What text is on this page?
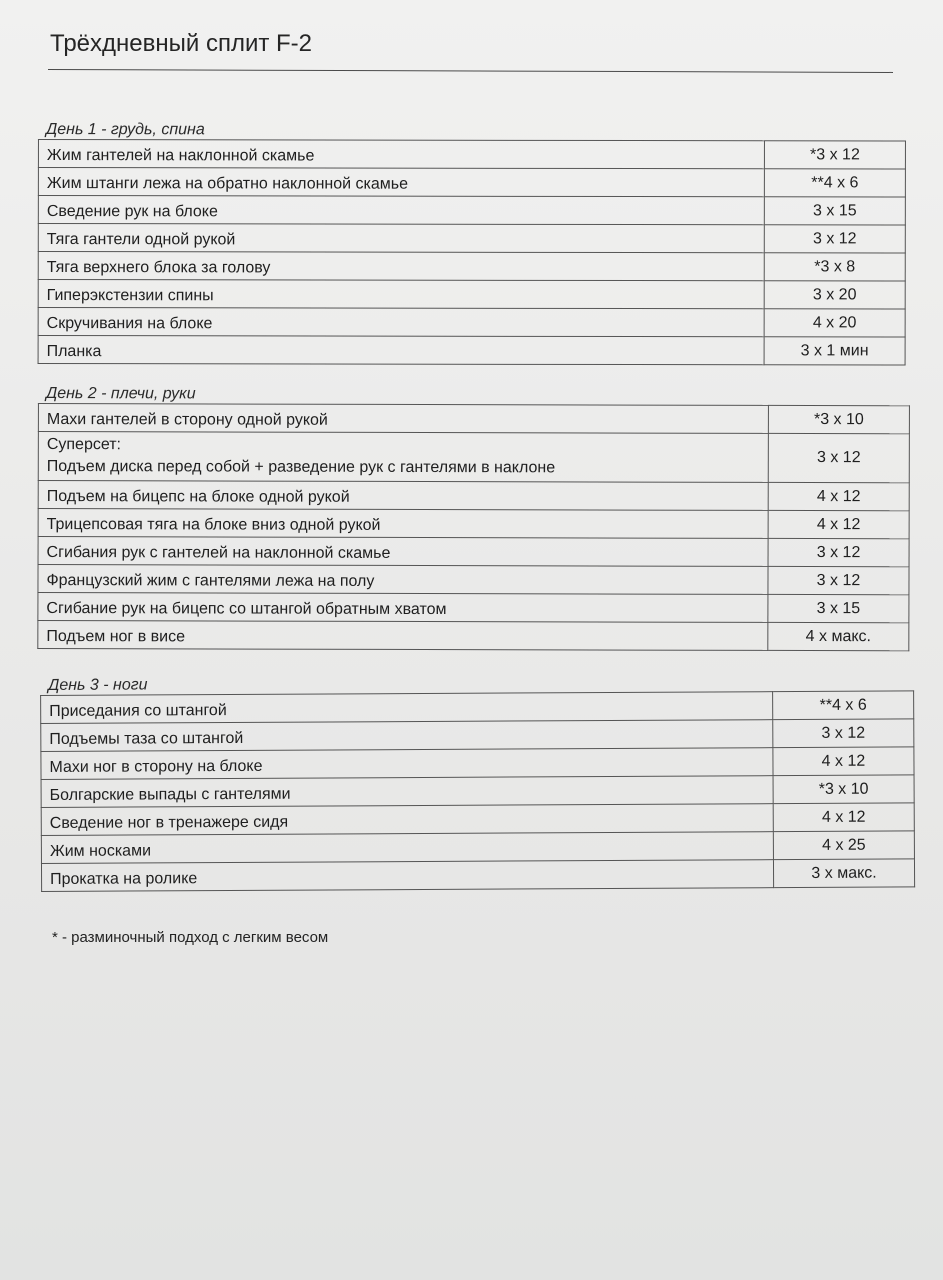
Трёхдневный сплит F-2
День 1 - грудь, спина
Жим гантелей на наклонной скамье	*3 x 12
Жим штанги лежа на обратно наклонной скамье	**4 x 6
Сведение рук на блоке	3 x 15
Тяга гантели одной рукой	3 x 12
Тяга верхнего блока за голову	*3 x 8
Гиперэкстензии спины	3 x 20
Скручивания на блоке	4 x 20
Планка	3 x 1 мин
День 2 - плечи, руки
Махи гантелей в сторону одной рукой	*3 x 10

Суперсет:
Подъем диска перед собой + разведение рук с гантелями в наклоне	3 x 12
Подъем на бицепс на блоке одной рукой	4 x 12
Трицепсовая тяга на блоке вниз одной рукой	4 x 12
Сгибания рук с гантелей на наклонной скамье	3 x 12
Французский жим с гантелями лежа на полу	3 x 12
Сгибание рук на бицепс со штангой обратным хватом	3 x 15
Подъем ног в висе	4 x макс.
День 3 - ноги
Приседания со штангой	**4 x 6
Подъемы таза со штангой	3 x 12
Махи ног в сторону на блоке	4 x 12
Болгарские выпады с гантелями	*3 x 10
Сведение ног в тренажере сидя	4 x 12
Жим носками	4 x 25
Прокатка на ролике	3 x макс.
* - разминочный подход с легким весом
